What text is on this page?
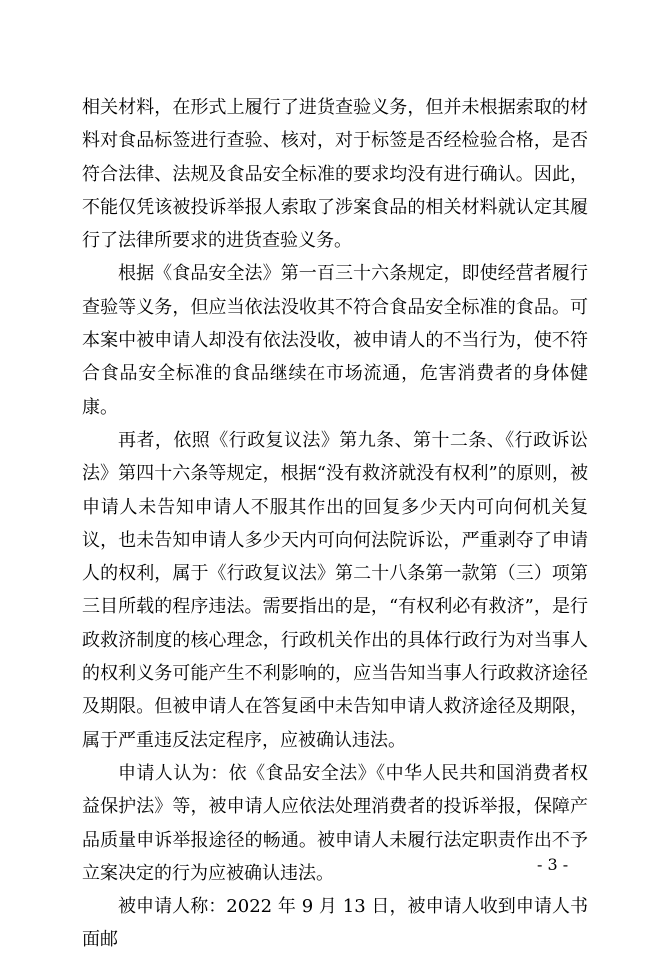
相关材料，在形式上履行了进货查验义务，但并未根据索取的材料对食品标签进行查验、核对，对于标签是否经检验合格，是否符合法律、法规及食品安全标准的要求均没有进行确认。因此，不能仅凭该被投诉举报人索取了涉案食品的相关材料就认定其履行了法律所要求的进货查验义务。

根据《食品安全法》第一百三十六条规定，即使经营者履行查验等义务，但应当依法没收其不符合食品安全标准的食品。可本案中被申请人却没有依法没收，被申请人的不当行为，使不符合食品安全标准的食品继续在市场流通，危害消费者的身体健康。

再者，依照《行政复议法》第九条、第十二条、《行政诉讼法》第四十六条等规定，根据“没有救济就没有权利”的原则，被申请人未告知申请人不服其作出的回复多少天内可向何机关复议，也未告知申请人多少天内可向何法院诉讼，严重剥夺了申请人的权利，属于《行政复议法》第二十八条第一款第（三）项第三目所载的程序违法。需要指出的是，“有权利必有救济”，是行政救济制度的核心理念，行政机关作出的具体行政行为对当事人的权利义务可能产生不利影响的，应当告知当事人行政救济途径及期限。但被申请人在答复函中未告知申请人救济途径及期限，属于严重违反法定程序，应被确认违法。

申请人认为：依《食品安全法》《中华人民共和国消费者权益保护法》等，被申请人应依法处理消费者的投诉举报，保障产品质量申诉举报途径的畅通。被申请人未履行法定职责作出不予立案决定的行为应被确认违法。

被申请人称：2022 年 9 月 13 日，被申请人收到申请人书面邮

- 3 -
